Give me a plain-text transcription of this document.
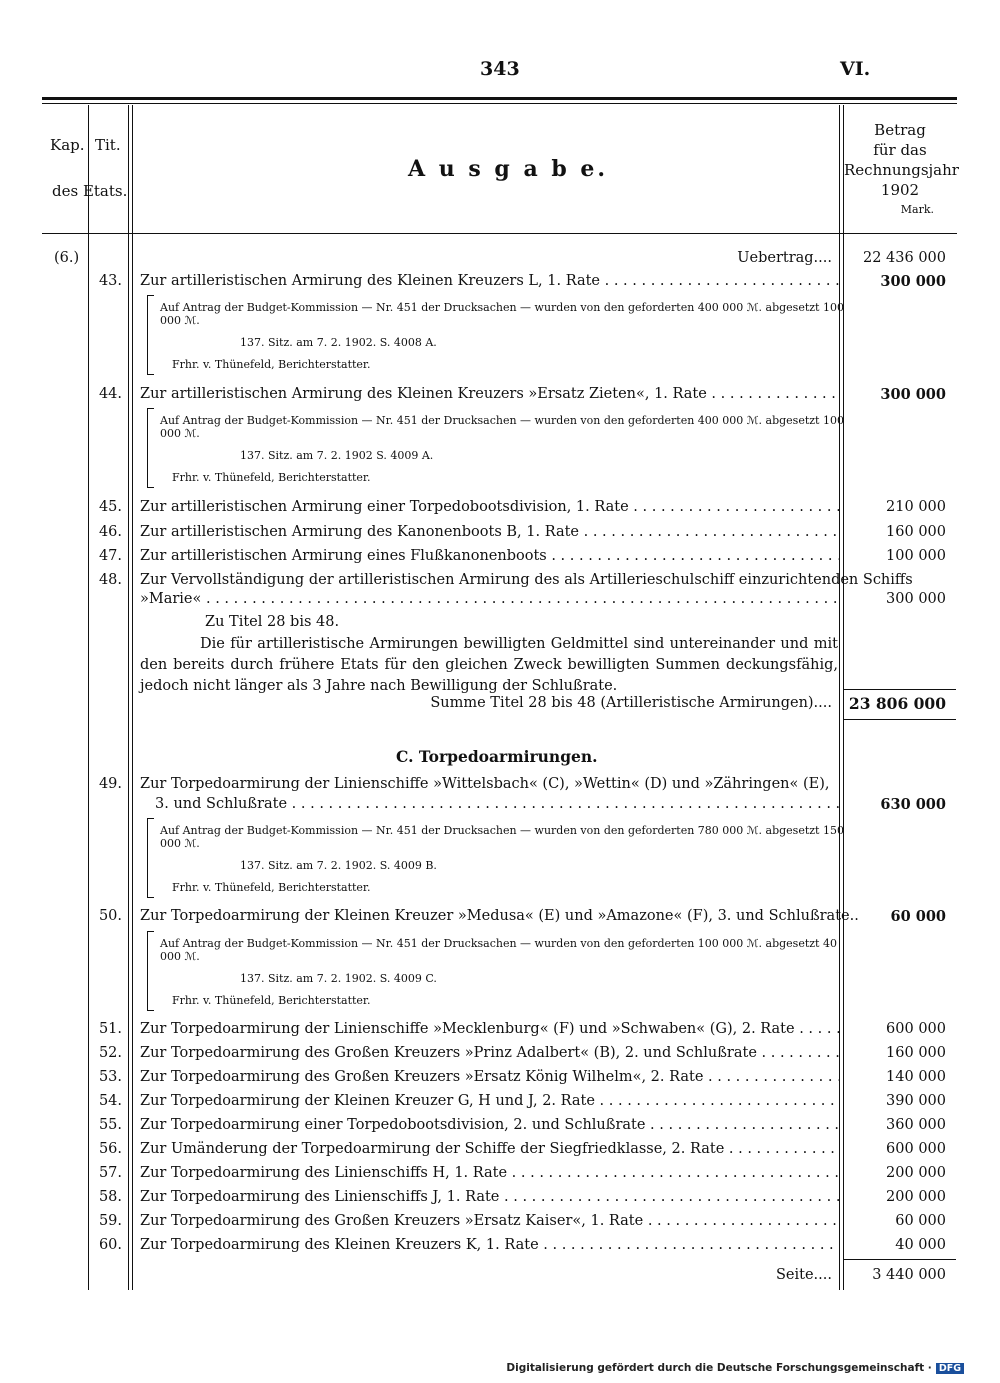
343	VI.
Kap. Tit.
des Etats.
A u s g a b e.
Betrag
für das
Rechnungsjahr
1902
Mark.
(6.)	Uebertrag.... 22 436 000
43. Zur artilleristischen Armirung des Kleinen Kreuzers L, 1. Rate . . .	300 000
Auf Antrag der Budget-Kommission — Nr. 451 der Drucksachen — wurden von den geforderten 400 000 ℳ. abgesetzt 100 000 ℳ.
137. Sitz. am 7. 2. 1902. S. 4008 A.
Frhr. v. Thünefeld, Berichterstatter.
44. Zur artilleristischen Armirung des Kleinen Kreuzers »Ersatz Zieten«, 1. Rate . . .	300 000
Auf Antrag der Budget-Kommission — Nr. 451 der Drucksachen — wurden von den geforderten 400 000 ℳ. abgesetzt 100 000 ℳ.
137. Sitz. am 7. 2. 1902 S. 4009 A.
Frhr. v. Thünefeld, Berichterstatter.
45. Zur artilleristischen Armirung einer Torpedobootsdivision, 1. Rate . . .	210 000
46. Zur artilleristischen Armirung des Kanonenboots B, 1. Rate . . .	160 000
47. Zur artilleristischen Armirung eines Flußkanonenboots . . .	100 000
48. Zur Vervollständigung der artilleristischen Armirung des als Artillerieschulschiff einzurichtenden Schiffs
»Marie« . . .	300 000
Zu Titel 28 bis 48.
Die für artilleristische Armirungen bewilligten Geldmittel sind untereinander und mit den bereits durch frühere Etats für den gleichen Zweck bewilligten Summen deckungsfähig, jedoch nicht länger als 3 Jahre nach Bewilligung der Schlußrate.
Summe Titel 28 bis 48 (Artilleristische Armirungen).... 23 806 000
C. Torpedoarmirungen.
49. Zur Torpedoarmirung der Linienschiffe »Wittelsbach« (C), »Wettin« (D) und »Zähringen« (E),
3. und Schlußrate . . .	630 000
Auf Antrag der Budget-Kommission — Nr. 451 der Drucksachen — wurden von den geforderten 780 000 ℳ. abgesetzt 150 000 ℳ.
137. Sitz. am 7. 2. 1902. S. 4009 B.
Frhr. v. Thünefeld, Berichterstatter.
50. Zur Torpedoarmirung der Kleinen Kreuzer »Medusa« (E) und »Amazone« (F), 3. und Schlußrate.. 60 000
Auf Antrag der Budget-Kommission — Nr. 451 der Drucksachen — wurden von den geforderten 100 000 ℳ. abgesetzt 40 000 ℳ.
137. Sitz. am 7. 2. 1902. S. 4009 C.
Frhr. v. Thünefeld, Berichterstatter.
51. Zur Torpedoarmirung der Linienschiffe »Mecklenburg« (F) und »Schwaben« (G), 2. Rate . . .	600 000
52. Zur Torpedoarmirung des Großen Kreuzers »Prinz Adalbert« (B), 2. und Schlußrate . . .	160 000
53. Zur Torpedoarmirung des Großen Kreuzers »Ersatz König Wilhelm«, 2. Rate . . .	140 000
54. Zur Torpedoarmirung der Kleinen Kreuzer G, H und J, 2. Rate . . .	390 000
55. Zur Torpedoarmirung einer Torpedobootsdivision, 2. und Schlußrate . . .	360 000
56. Zur Umänderung der Torpedoarmirung der Schiffe der Siegfriedklasse, 2. Rate . . .	600 000
57. Zur Torpedoarmirung des Linienschiffs H, 1. Rate . . .	200 000
58. Zur Torpedoarmirung des Linienschiffs J, 1. Rate . . .	200 000
59. Zur Torpedoarmirung des Großen Kreuzers »Ersatz Kaiser«, 1. Rate . . .	60 000
60. Zur Torpedoarmirung des Kleinen Kreuzers K, 1. Rate . . .	40 000
Seite....	3 440 000
Digitalisierung gefördert durch die Deutsche Forschungsgemeinschaft · DFG
